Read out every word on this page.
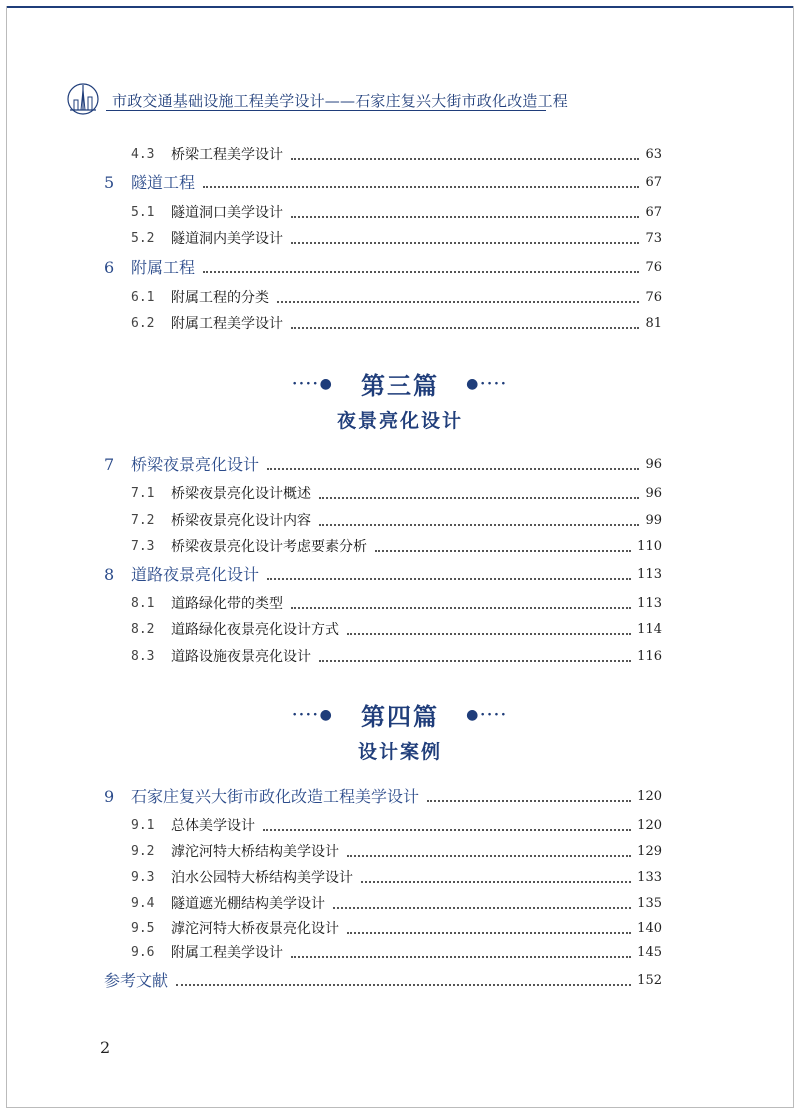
市政交通基础设施工程美学设计——石家庄复兴大街市政化改造工程
4.3 桥梁工程美学设计	63
5 隧道工程	67
5.1 隧道洞口美学设计	67
5.2 隧道洞内美学设计	73
6 附属工程	76
6.1 附属工程的分类	76
6.2 附属工程美学设计	81
7 桥梁夜景亮化设计	96
7.1 桥梁夜景亮化设计概述	96
7.2 桥梁夜景亮化设计内容	99
7.3 桥梁夜景亮化设计考虑要素分析	110
8 道路夜景亮化设计	113
8.1 道路绿化带的类型	113
8.2 道路绿化夜景亮化设计方式	114
8.3 道路设施夜景亮化设计	116
9 石家庄复兴大街市政化改造工程美学设计	120
9.1 总体美学设计	120
9.2 滹沱河特大桥结构美学设计	129
9.3 泊水公园特大桥结构美学设计	133
9.4 隧道遮光棚结构美学设计	135
9.5 滹沱河特大桥夜景亮化设计	140
9.6 附属工程美学设计	145
参考文献	152
····● 第三篇 ●····
夜景亮化设计
····● 第四篇 ●····
设计案例
2
